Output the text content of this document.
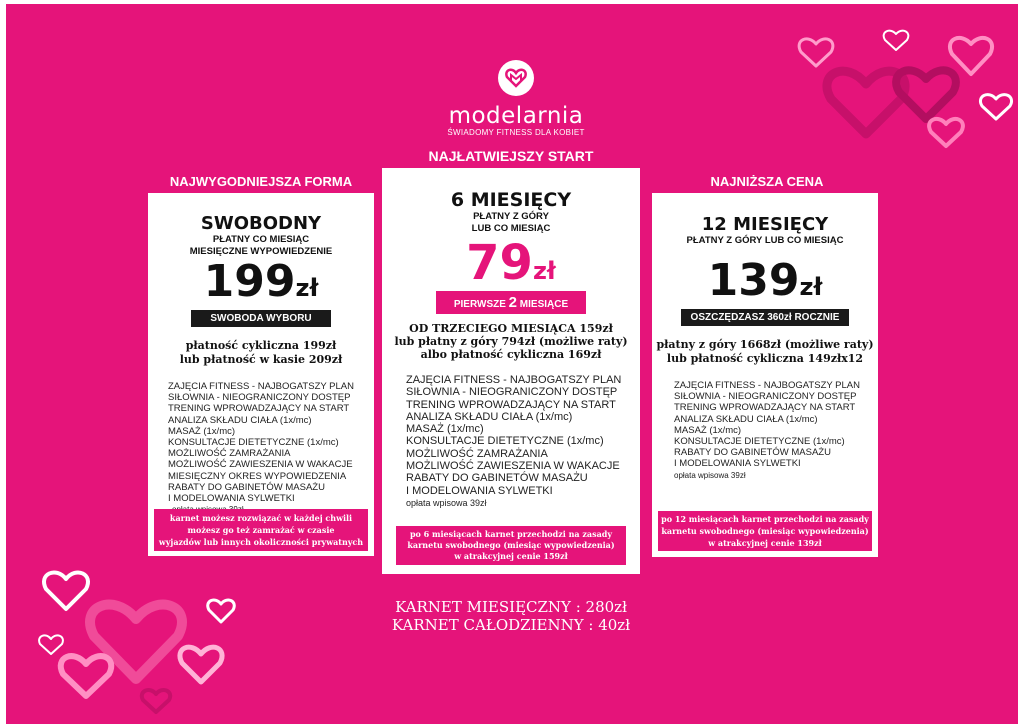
modelarnia
ŚWIADOMY FITNESS DLA KOBIET
NAJWYGODNIEJSZA FORMA
NAJŁATWIEJSZY START
NAJNIŻSZA CENA
SWOBODNY
PŁATNY CO MIESIĄC
MIESIĘCZNE WYPOWIEDZENIE
199zł
SWOBODA WYBORU
płatność cykliczna 199zł
lub płatność w kasie 209zł
ZAJĘCIA FITNESS - NAJBOGATSZY PLAN
SIŁOWNIA - NIEOGRANICZONY DOSTĘP
TRENING WPROWADZAJĄCY NA START
ANALIZA SKŁADU CIAŁA (1x/mc)
MASAŻ (1x/mc)
KONSULTACJE DIETETYCZNE (1x/mc)
MOŻLIWOŚĆ ZAMRAŻANIA
MOŻLIWOŚĆ ZAWIESZENIA W WAKACJE
MIESIĘCZNY OKRES WYPOWIEDZENIA
RABATY DO GABINETÓW MASAŻU
I MODELOWANIA SYLWETKI
karnet możesz rozwiązać w każdej chwili
możesz go też zamrażać w czasie
wyjazdów lub innych okoliczności prywatnych
6 MIESIĘCY
PŁATNY Z GÓRY
LUB CO MIESIĄC
79zł
PIERWSZE 2 MIESIĄCE
OD TRZECIEGO MIESIĄCA 159zł
lub płatny z góry 794zł (możliwe raty)
albo płatność cykliczna 169zł
ZAJĘCIA FITNESS - NAJBOGATSZY PLAN
SIŁOWNIA - NIEOGRANICZONY DOSTĘP
TRENING WPROWADZAJĄCY NA START
ANALIZA SKŁADU CIAŁA (1x/mc)
MASAŻ (1x/mc)
KONSULTACJE DIETETYCZNE (1x/mc)
MOŻLIWOŚĆ ZAMRAŻANIA
MOŻLIWOŚĆ ZAWIESZENIA W WAKACJE
RABATY DO GABINETÓW MASAŻU
I MODELOWANIA SYLWETKI
opłata wpisowa 39zł
po 6 miesiącach karnet przechodzi na zasady
karnetu swobodnego (miesiąc wypowiedzenia)
w atrakcyjnej cenie 159zł
12 MIESIĘCY
PŁATNY Z GÓRY LUB CO MIESIĄC
139zł
OSZCZĘDZASZ 360zł ROCZNIE
płatny z góry 1668zł (możliwe raty)
lub płatność cykliczna 149złx12
ZAJĘCIA FITNESS - NAJBOGATSZY PLAN
SIŁOWNIA - NIEOGRANICZONY DOSTĘP
TRENING WPROWADZAJĄCY NA START
ANALIZA SKŁADU CIAŁA (1x/mc)
MASAŻ (1x/mc)
KONSULTACJE DIETETYCZNE (1x/mc)
RABATY DO GABINETÓW MASAŻU
I MODELOWANIA SYLWETKI
opłata wpisowa 39zł
po 12 miesiącach karnet przechodzi na zasady
karnetu swobodnego (miesiąc wypowiedzenia)
w atrakcyjnej cenie 139zł
KARNET MIESIĘCZNY : 280zł
KARNET CAŁODZIENNY : 40zł
